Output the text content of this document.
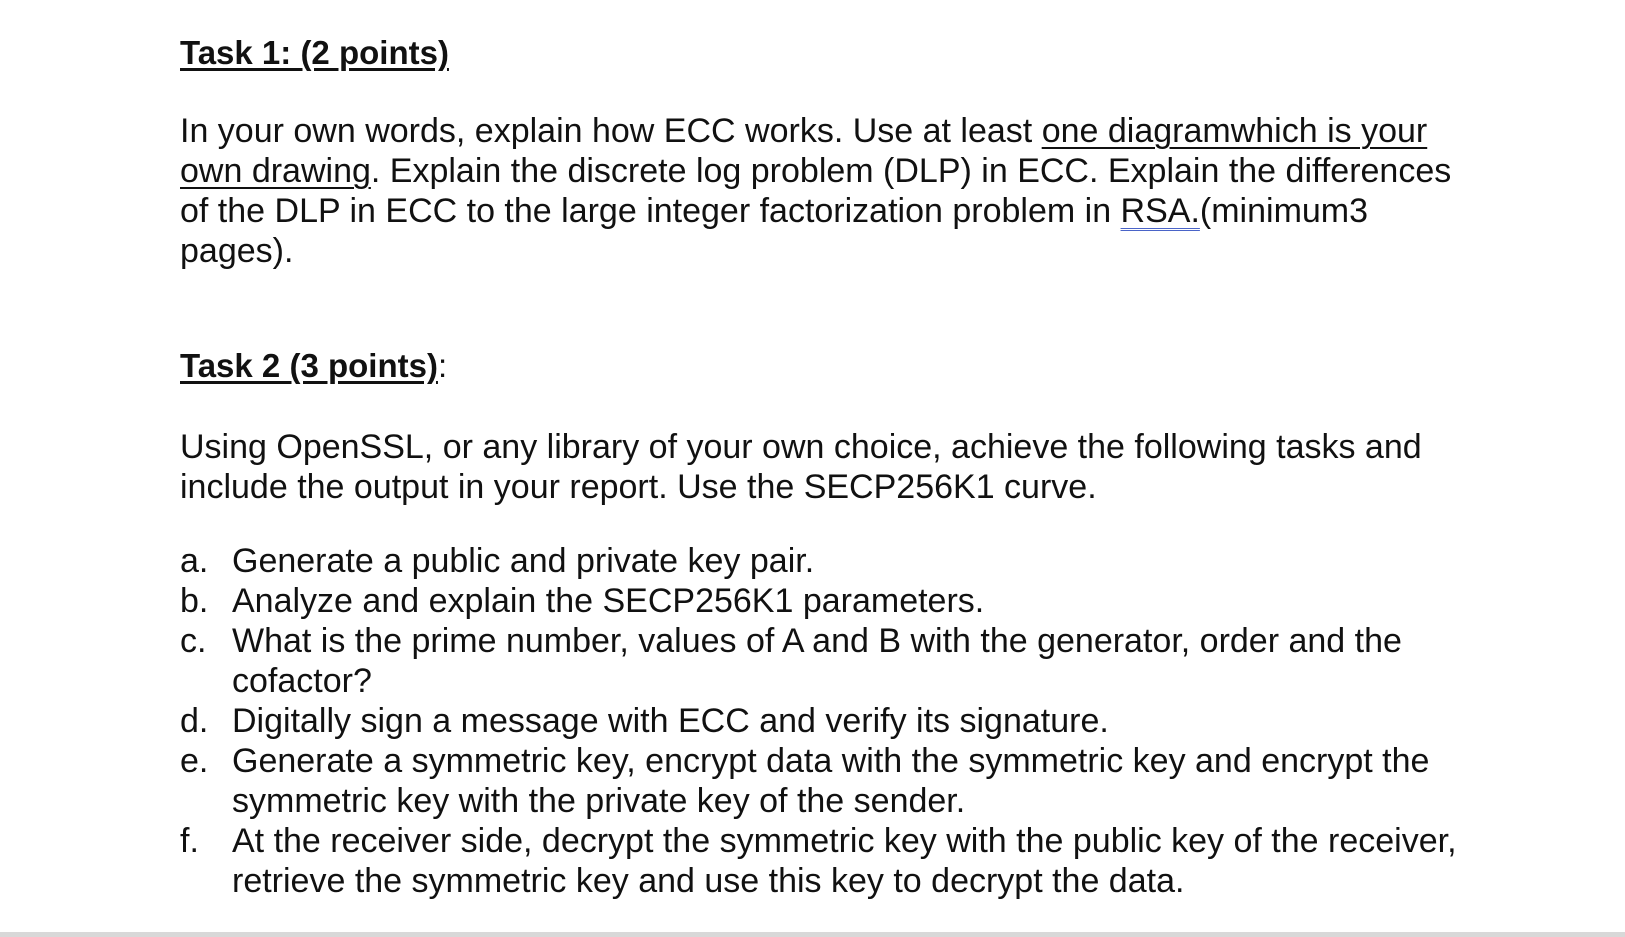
Task 1: (2 points)

In your own words, explain how ECC works. Use at least one diagramwhich is your own drawing. Explain the discrete log problem (DLP) in ECC. Explain the differences of the DLP in ECC to the large integer factorization problem in RSA.(minimum3 pages).

Task 2 (3 points):

Using OpenSSL, or any library of your own choice, achieve the following tasks and include the output in your report. Use the SECP256K1 curve.

a. Generate a public and private key pair.
b. Analyze and explain the SECP256K1 parameters.
c. What is the prime number, values of A and B with the generator, order and the cofactor?
d. Digitally sign a message with ECC and verify its signature.
e. Generate a symmetric key, encrypt data with the symmetric key and encrypt the symmetric key with the private key of the sender.
f. At the receiver side, decrypt the symmetric key with the public key of the receiver, retrieve the symmetric key and use this key to decrypt the data.
